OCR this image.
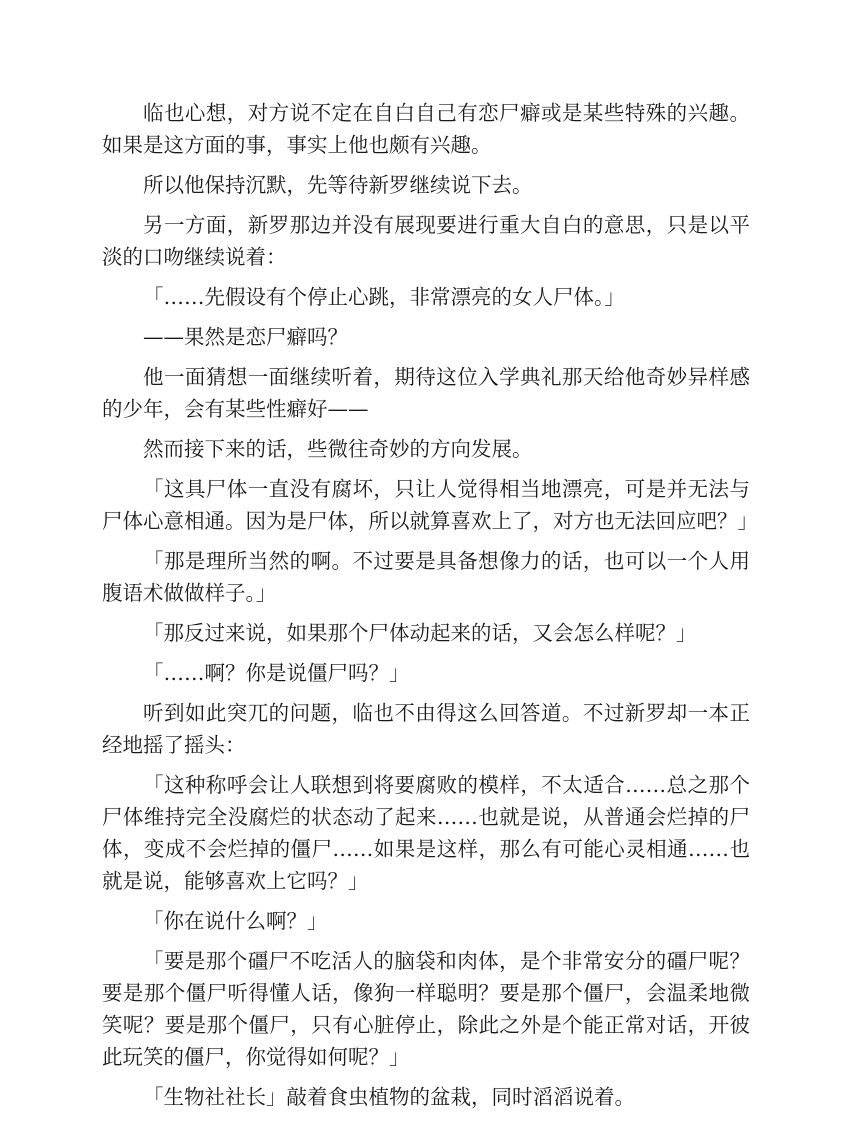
临也心想，对方说不定在自白自己有恋尸癖或是某些特殊的兴趣。如果是这方面的事，事实上他也颇有兴趣。

所以他保持沉默，先等待新罗继续说下去。

另一方面，新罗那边并没有展现要进行重大自白的意思，只是以平淡的口吻继续说着：

「……先假设有个停止心跳，非常漂亮的女人尸体。」

——果然是恋尸癖吗？

他一面猜想一面继续听着，期待这位入学典礼那天给他奇妙异样感的少年，会有某些性癖好——

然而接下来的话，些微往奇妙的方向发展。

「这具尸体一直没有腐坏，只让人觉得相当地漂亮，可是并无法与尸体心意相通。因为是尸体，所以就算喜欢上了，对方也无法回应吧？」

「那是理所当然的啊。不过要是具备想像力的话，也可以一个人用腹语术做做样子。」

「那反过来说，如果那个尸体动起来的话，又会怎么样呢？」

「……啊？你是说僵尸吗？」

听到如此突兀的问题，临也不由得这么回答道。不过新罗却一本正经地摇了摇头：

「这种称呼会让人联想到将要腐败的模样，不太适合……总之那个尸体维持完全没腐烂的状态动了起来……也就是说，从普通会烂掉的尸体，变成不会烂掉的僵尸……如果是这样，那么有可能心灵相通……也就是说，能够喜欢上它吗？」

「你在说什么啊？」

「要是那个礓尸不吃活人的脑袋和肉体，是个非常安分的礓尸呢？要是那个僵尸听得懂人话，像狗一样聪明？要是那个僵尸，会温柔地微笑呢？要是那个僵尸，只有心脏停止，除此之外是个能正常对话，开彼此玩笑的僵尸，你觉得如何呢？」

「生物社社长」敲着食虫植物的盆栽，同时滔滔说着。
